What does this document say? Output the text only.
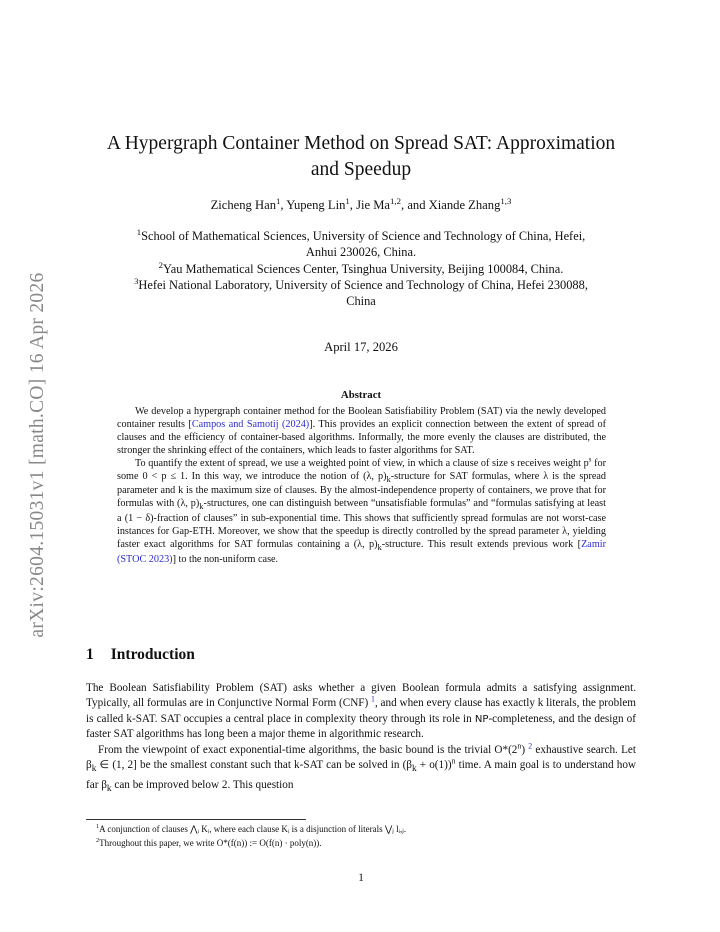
arXiv:2604.15031v1 [math.CO] 16 Apr 2026
A Hypergraph Container Method on Spread SAT: Approximation
and Speedup
Zicheng Han$^1$, Yupeng Lin$^1$, Jie Ma$^{1,2}$, and Xiande Zhang$^{1,3}$
$^1$School of Mathematical Sciences, University of Science and Technology of China, Hefei,
Anhui 230026, China.
$^2$Yau Mathematical Sciences Center, Tsinghua University, Beijing 100084, China.
$^3$Hefei National Laboratory, University of Science and Technology of China, Hefei 230088,
China
April 17, 2026
Abstract

We develop a hypergraph container method for the Boolean Satisfiability Problem (SAT) via the newly developed container results [Campos and Samotij (2024)]. This provides an explicit connection between the extent of spread of clauses and the efficiency of container-based algorithms. Informally, the more evenly the clauses are distributed, the stronger the shrinking effect of the containers, which leads to faster algorithms for SAT.

To quantify the extent of spread, we use a weighted point of view, in which a clause of size s receives weight $p^s$ for some 0 < p ≤ 1. In this way, we introduce the notion of (λ, $p)_k$-structure for SAT formulas, where λ is the spread parameter and k is the maximum size of clauses. By the almost-independence property of containers, we prove that for formulas with (λ, $p)_k$-structures, one can distinguish between “unsatisfiable formulas” and “formulas satisfying at least a (1 − δ)-fraction of clauses” in sub-exponential time. This shows that sufficiently spread formulas are not worst-case instances for Gap-ETH. Moreover, we show that the speedup is directly controlled by the spread parameter λ, yielding faster exact algorithms for SAT formulas containing a (λ, $p)_k$-structure. This result extends previous work [Zamir (STOC 2023)] to the non-uniform case.

1 Introduction

The Boolean Satisfiability Problem (SAT) asks whether a given Boolean formula admits a satisfying assignment. Typically, all formulas are in Conjunctive Normal Form (CNF) $^1$, and when every clause has exactly k literals, the problem is called k-SAT. SAT occupies a central place in complexity theory through its role in NP-completeness, and the design of faster SAT algorithms has long been a major theme in algorithmic research.

From the viewpoint of exact exponential-time algorithms, the basic bound is the trivial O*(2$^n$) $^2$ exhaustive search. Let $\beta_k$ ∈ (1, 2] be the smallest constant such that k-SAT can be solved in $(\beta_k + o(1))^n$ time. A main goal is to understand how far $\beta_k$ can be improved below 2. This question

$^1$A conjunction of clauses ⋀ᵢ Kᵢ, where each clause Kᵢ is a disjunction of literals ⋁ⱼ lᵢ,ⱼ.
$^2$Throughout this paper, we write O*(f(n)) := O(f(n) · poly(n)).
1
